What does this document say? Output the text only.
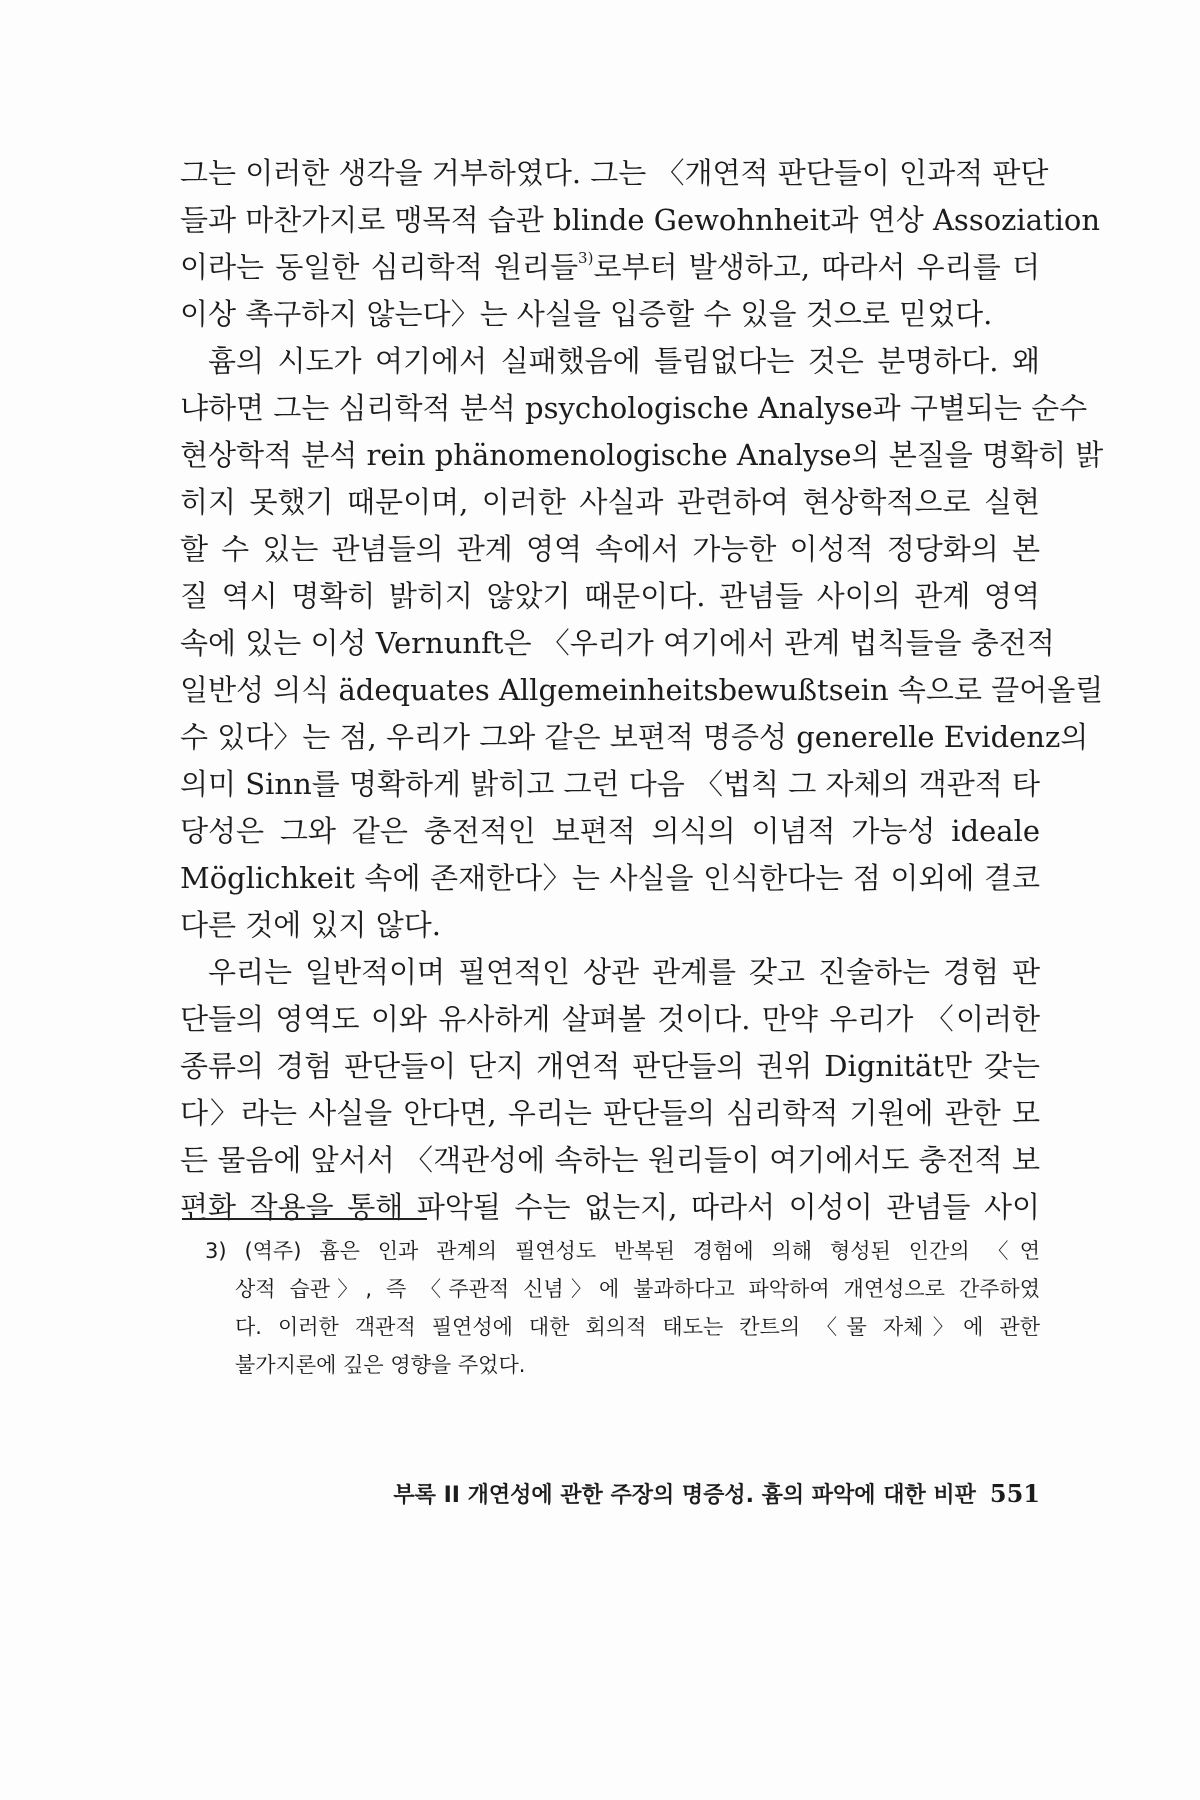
그는 이러한 생각을 거부하였다. 그는 〈개연적 판단들이 인과적 판단
들과 마찬가지로 맹목적 습관 blinde Gewohnheit과 연상 Assoziation
이라는 동일한 심리학적 원리들$^{3)}$로부터 발생하고, 따라서 우리를 더
이상 촉구하지 않는다〉는 사실을 입증할 수 있을 것으로 믿었다.
흄의 시도가 여기에서 실패했음에 틀림없다는 것은 분명하다. 왜
냐하면 그는 심리학적 분석 psychologische Analyse과 구별되는 순수
현상학적 분석 rein phänomenologische Analyse의 본질을 명확히 밝
히지 못했기 때문이며, 이러한 사실과 관련하여 현상학적으로 실현
할 수 있는 관념들의 관계 영역 속에서 가능한 이성적 정당화의 본
질 역시 명확히 밝히지 않았기 때문이다. 관념들 사이의 관계 영역
속에 있는 이성 Vernunft은 〈우리가 여기에서 관계 법칙들을 충전적
일반성 의식 ädequates Allgemeinheitsbewußtsein 속으로 끌어올릴
수 있다〉는 점, 우리가 그와 같은 보편적 명증성 generelle Evidenz의
의미 Sinn를 명확하게 밝히고 그런 다음 〈법칙 그 자체의 객관적 타
당성은 그와 같은 충전적인 보편적 의식의 이념적 가능성 ideale
Möglichkeit 속에 존재한다〉는 사실을 인식한다는 점 이외에 결코
다른 것에 있지 않다.
우리는 일반적이며 필연적인 상관 관계를 갖고 진술하는 경험 판
단들의 영역도 이와 유사하게 살펴볼 것이다. 만약 우리가 〈이러한
종류의 경험 판단들이 단지 개연적 판단들의 권위 Dignität만 갖는
다〉라는 사실을 안다면, 우리는 판단들의 심리학적 기원에 관한 모
든 물음에 앞서서 〈객관성에 속하는 원리들이 여기에서도 충전적 보
편화 작용을 통해 파악될 수는 없는지, 따라서 이성이 관념들 사이
3) (역주) 흄은 인과 관계의 필연성도 반복된 경험에 의해 형성된 인간의 〈연
상적 습관〉, 즉 〈주관적 신념〉에 불과하다고 파악하여 개연성으로 간주하였
다. 이러한 객관적 필연성에 대한 회의적 태도는 칸트의 〈물 자체〉에 관한
불가지론에 깊은 영향을 주었다.
부록 II 개연성에 관한 주장의 명증성. 흄의 파악에 대한 비판 551
